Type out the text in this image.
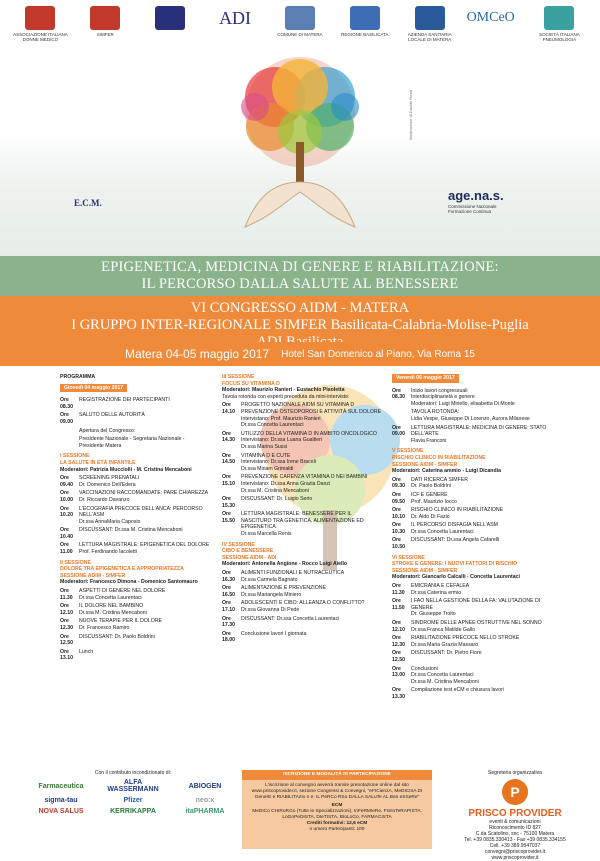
ASSOCIAZIONE ITALIANA
DONNE MEDICO
SIMFER
ADI
COMUNE DI MATERA	REGIONE BASILICATA	AZIENDA SANITARIA LOCALE DI MATERA
OMCeO
SOCIETÀ ITALIANA PNEUMOLOGIA
E.C.M.	age.na.s.
Commissione Nazionale Formazione Continua
Illustrazione di Davide Rossi
EPIGENETICA, MEDICINA DI GENERE E RIABILITAZIONE:
IL PERCORSO DALLA SALUTE AL BENESSERE
VI CONGRESSO AIDM - MATERA
I GRUPPO INTER-REGIONALE SIMFER Basilicata-Calabria-Molise-Puglia
Matera 04-05 maggio 2017 Hotel San Domenico al Piano, Via Roma 15

PROGRAMMA

Giovedì 04 maggio 2017
Ore 08.30
REGISTRAZIONE DEI PARTECIPANTI
Ore 09.00
SALUTO DELLE AUTORITÀ
Apertura del Congresso:
Presidente Nazionale - Segretaria Nazionale - Presidente Matera

I SESSIONE
LA SALUTE IN ETÀ INFANTILE

Moderatori: Patrizia Mucciolli - M. Cristina Mencaboni

Ore 09.40
SCREENING PRENATALI
Dr. Domenico Dell'Edera
Ore 10.00
VACCINAZIONI RACCOMANDATE: PARE CHIAREZZA
Dr. Riccardo Davanzo
Ore 10.20
L'ECOGRAFIA PRECOCE DELL'ANCA: PERCORSO NELL'ASM
Dr.ssa AnnaMaria Caposio
Ore 10.40
DISCUSSANT: Dr.ssa M. Cristina Mencaboni
Ore 11.00
LETTURA MAGISTRALE: EPIGENETICA DEL DOLORE
Prof. Ferdinando Iacoletti

II SESSIONE
DOLORE TRA EPIGENETICA E APPROPRIATEZZA
SESSIONE ADIM - SIMFER

Moderatori: Francesco Dimona - Domenico Santomauro

Ore 11.30
ASPETTI DI GENERE NEL DOLORE
Dr.ssa Concetta Laurentaci
Ore 12.10
IL DOLORE NEL BAMBINO
Dr.ssa M. Cristina Mencaboni
Ore 12.30
NUOVE TERAPIE PER IL DOLORE
Dr. Francesco Ramiro
Ore 12.50
DISCUSSANT: Dr. Paolo Boldrini
Ore 13.10
Lunch

III SESSIONE
FOCUS SU VITAMINA D

Moderatori: Maurizio Ranieri - Eustachio Pisoletta

Tavola rotonda con esperti preceduta da mini-interviste:

Ore 14.10
PROGETTO NAZIONALE AIDM SU VITAMINA D
PREVENZIONE OSTEOPOROSI E ATTIVITÀ SUL DOLORE
Intervistano: Prof. Maurizio Ranieri
Dr.ssa Concetta Laurentaci
Ore 14.30
UTILIZZO DELLA VITAMINA D IN AMBITO ONCOLOGICO
Intervistano: Dr.ssa Luana Gualtieri
Dr.ssa Marina Sussi
Ore 14.50
VITAMINA D E CUTE
Intervistano: Dr.ssa Irene Braceli
Dr.ssa Miriam Grimaldi
Ore 15.10
PREVENZIONE CARENZA VITAMINA D NEI BAMBINI
Intervistano: Dr.ssa Anna Grazia Danzi
Dr.ssa M. Cristina Mencaboni
Ore 15.30
DISCUSSANT: Dr. Luigio Serio
Ore 15.50
LETTURA MAGISTRALE: BENESSERE PER IL NASCITURO TRA GENETICA, ALIMENTAZIONE ED EPIGENETICA
Dr.ssa Marcella Renis

IV SESSIONE
CIBO E BENESSERE
SESSIONE AIDM - ADI

Moderatori: Antonella Angione - Rocco Luigi Aiello

Ore 16.30
ALIMENTI FUNZIONALI E NUTRACEUTICA
Dr.ssa Carmela Bagnato
Ore 16.50
ALIMENTAZIONE E PREVENZIONE
Dr.ssa Mariangela Miniero
Ore 17.10
ADOLESCENTI E CIBO: ALLEANZA O CONFLITTO?
Dr.ssa Giovanna Di Pede
Ore 17.30
DISCUSSANT: Dr.ssa Concetta Laurentaci
Ore 18.00
Conclusione lavori I giornata
Venerdì 05 maggio 2017
Ore 08.30
Inizio lavori congressuali
Interdisciplinarietà e genere
Moderatori: Luigi Miriello, elisabetta Di Monte
TAVOLA ROTONDA:
Lidia Vespe, Giuseppe Di Lorenzo, Aurora Milanese
Ore 09.00
LETTURA MAGISTRALE: MEDICINA DI GENERE: STATO DELL'ARTE
Flavia Franconi

V SESSIONE
RISCHIO CLINICO IN RIABILITAZIONE
SESSIONE AIDM - SIMFER

Moderatori: Caterina ammio - Luigi Dicandia

Ore 09.30
DATI RICERCA SIMFER
Dr. Paolo Boldrini
Ore 09.50
ICF E GENERE
Prof. Maurizio Iocco
Ore 10.10
RISCHIO CLINICO IN RIABILITAZIONE
Dr. Aldo Di Fazio
Ore 10.30
IL PERCORSO DISFAGIA NELL'ASM
Dr.ssa Concetta Laurentaci
Ore 10.50
DISCUSSANT: Dr.ssa Angela Cafarelli

VI SESSIONE
STROKE E GENERE: I NUOVI FATTORI DI RISCHIO
SESSIONE AIDM - SIMFER

Moderatori: Giancarlo Calcalli - Concetta Laurentaci

Ore 11.30
EMICRANIA E CEFALEA
Dr.ssa Caterina ermio
Ore 11.50
I FAO NELLA GESTIONE DELLA FA: VALUTAZIONE DI GENERE
Dr. Giuseppe Troito
Ore 12.10
SINDROME DELLE APNEE OSTRUTTIVE NEL SONNO
Dr.ssa Franca Matilde Gallo
Ore 12.30
RIABILITAZIONE PRECOCE NELLO STROKE
Dr.ssa Maria Grazia Massaro
Ore 12.50
DISCUSSANT: Dr. Pietro Fiore
Ore 13.00
Conclusioni
Dr.ssa Concetta Laurentaci
Dr.ssa M. Cristina Mencaboni
Ore 13.30
Compilazione test eCM e chiusura lavori
Con il contributo incondizionato di:
Farmaceutica	ALFA WASSERMANN	ABIOGEN
sigma-tau	Pfizer	neo:x
NOVA SALUS	KERRIKAPPA	itaPHARMA
ISCRIZIONE E MODALITÀ DI PARTECIPAZIONE

L'iscrizione al convegno avverrà tramite prenotazione online dal sito www.priscoprovider.it, sezione Congressi & Convegni, "eFICienzA, MeDICInA DI GenerE e RIABILITAzIo n e: IL PeRCo RSo DALLA SALuTe AL Ben eSSeRe"

ECM

MeDICo CHIRuRGo (Tutte le Specializzazioni), InFeRMIeRe, FISIoTeRAPISTA, LoGoPeDISTA, DIeTISTA, BIoLoGo, FARMACISTA

Crediti formativi: 12,6 eCM

n umero Partecipanti: 100

Segreteria organizzativa
P
PRISCO PROVIDER
eventi & comunicazioni
Riconoscimento ID 827
C.da Scatolino, snc - 75100 Matera
Tel. +39 0835.330413 - Fax +39 0835.334155
Cell. +39 389.9547037
convegni@priscoprovider.it
www.priscoprovider.it
